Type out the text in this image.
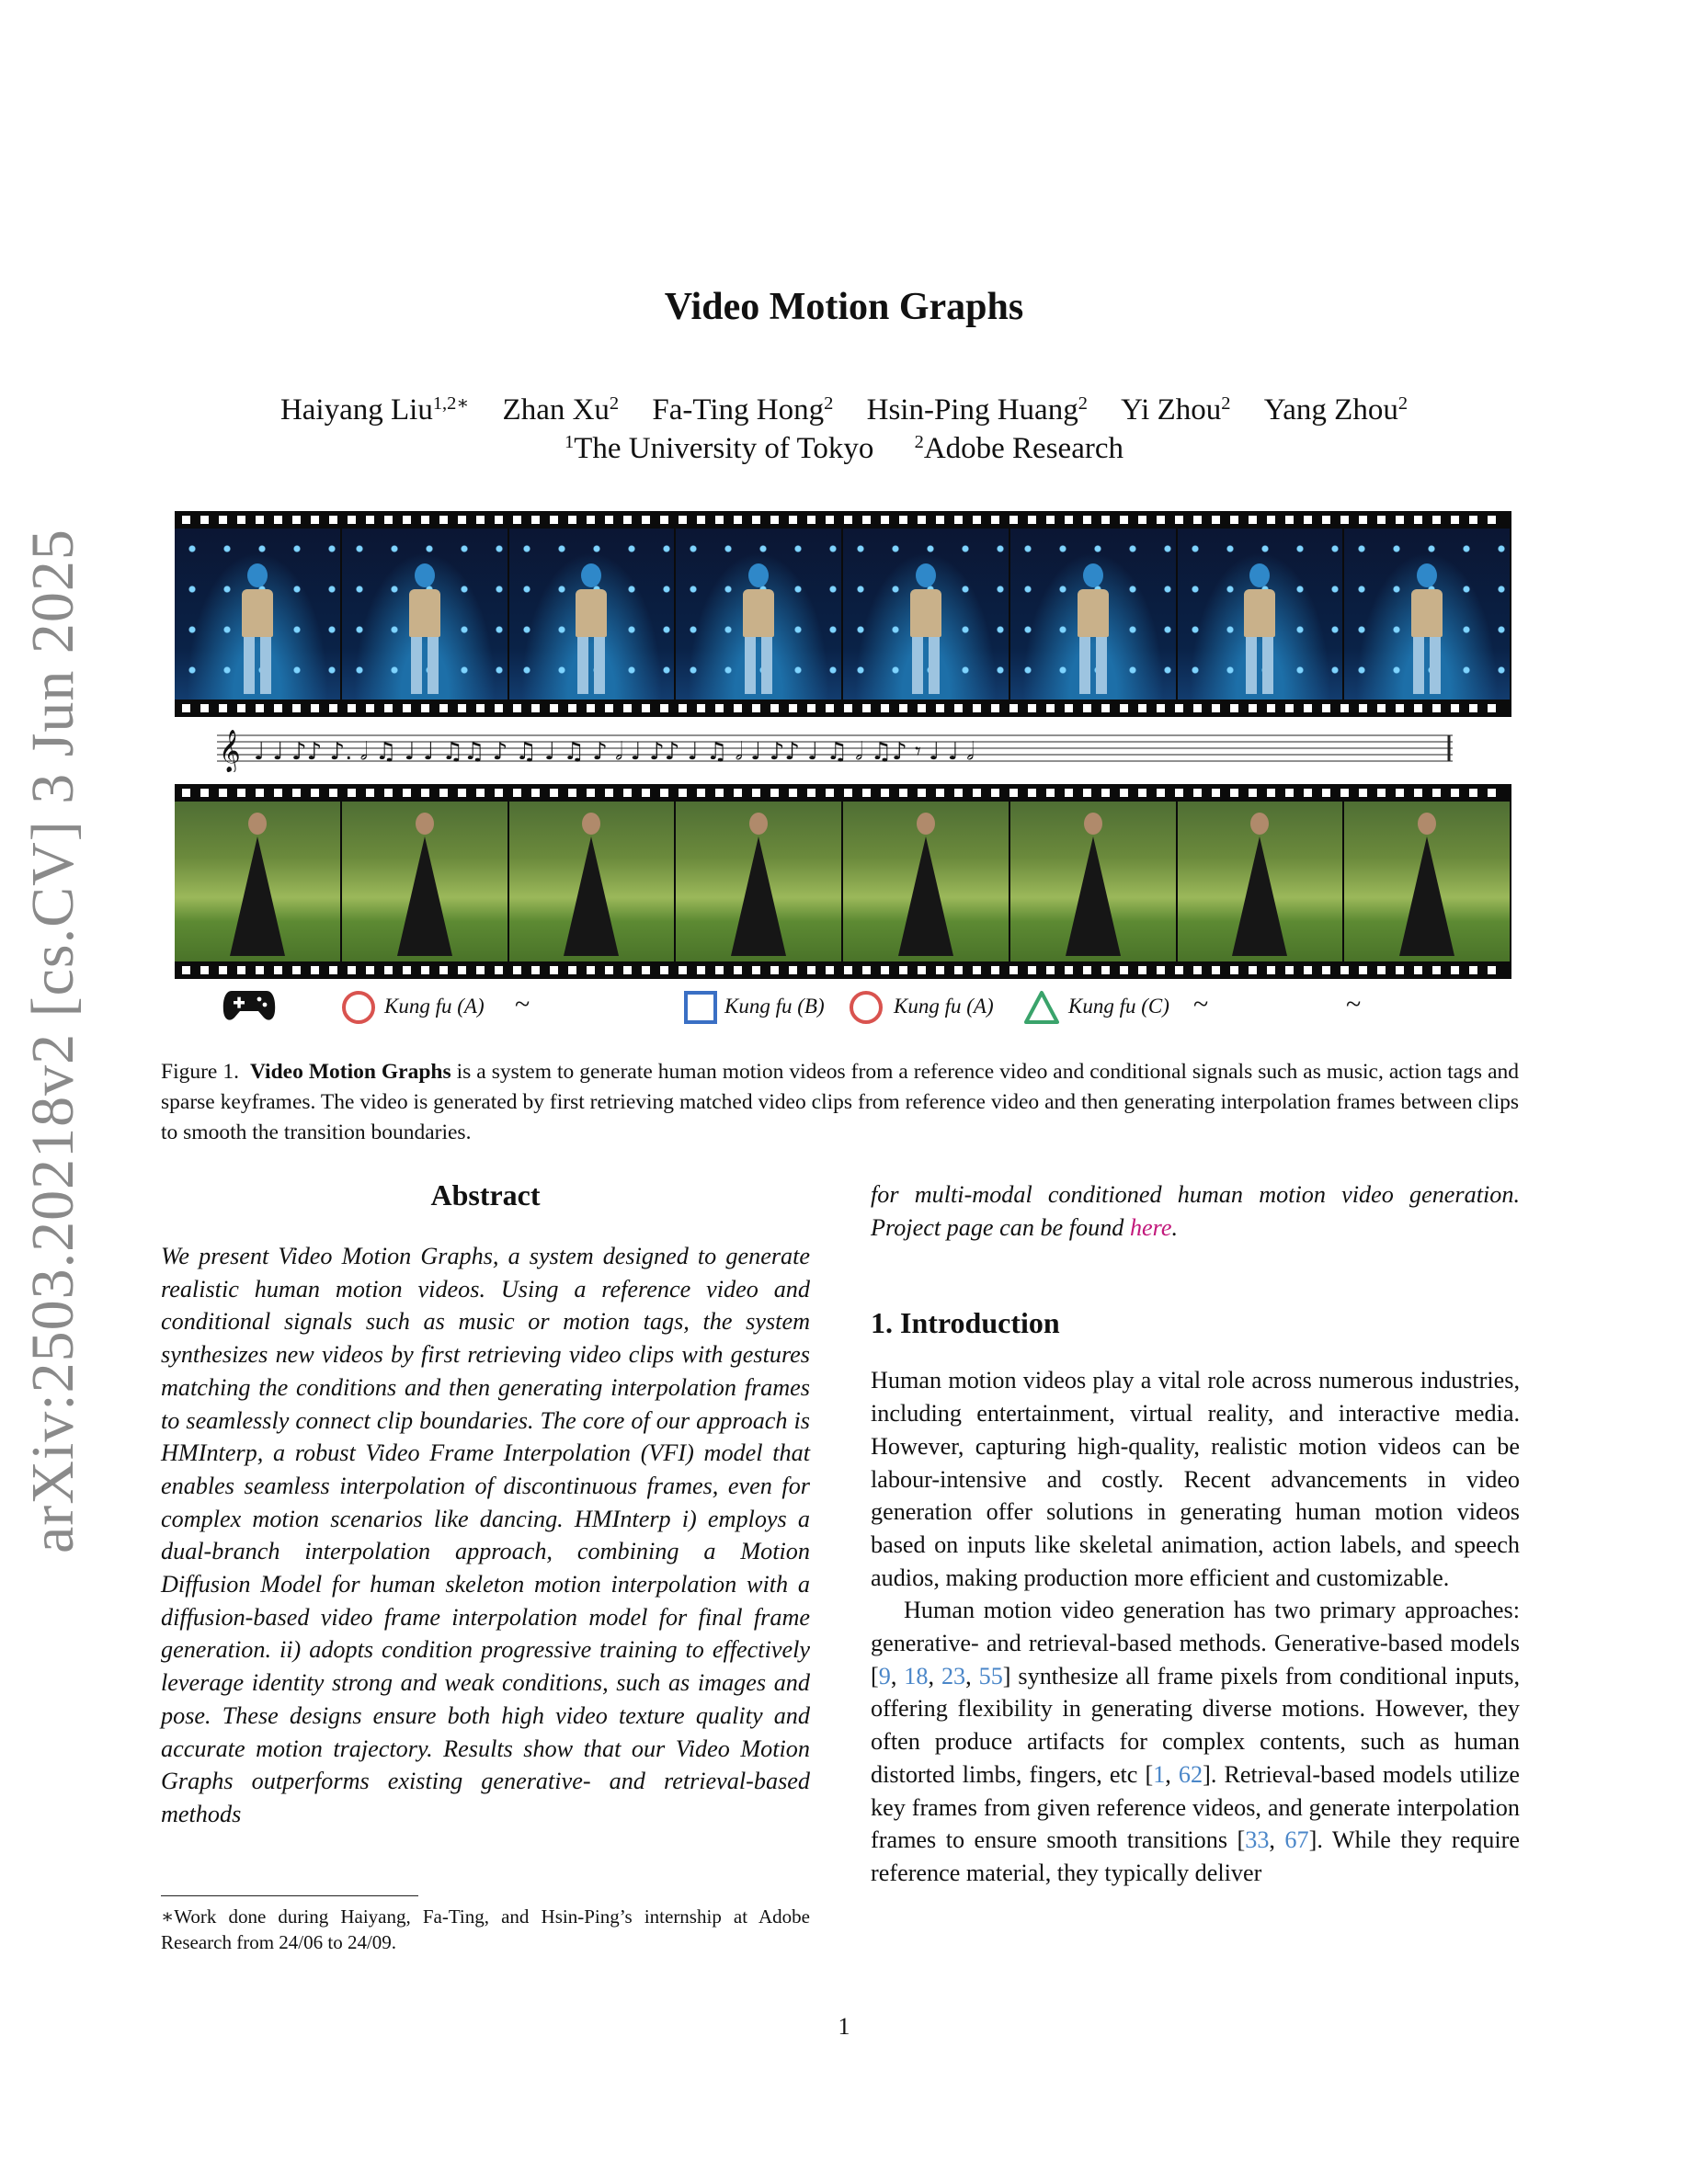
arXiv:2503.20218v2 [cs.CV] 3 Jun 2025
Video Motion Graphs
Haiyang Liu$^{1,2∗}$ Zhan Xu$^2$ Fa-Ting Hong$^2$ Hsin-Ping Huang$^2$ Yi Zhou$^2$ Yang Zhou$^2$
$^1$The University of Tokyo $^2$Adobe Research
𝄞 ♩ ♩ ♪♪ ♪. 𝅗𝅥 ♫ ♩ ♩ ♫♫ ♪ ♫ ♩ ♫ ♪ 𝅗𝅥 ♩ ♪♪ ♩ ♫ 𝅗𝅥 ♩ ♪♪ ♩ ♫ 𝅗𝅥 ♫♪ 𝄾 ♩ ♩ 𝅗𝅥
Kung fu (A) ~	Kung fu (B)	Kung fu (A)	Kung fu (C) ~	~
Figure 1. Video Motion Graphs is a system to generate human motion videos from a reference video and conditional signals such as music, action tags and sparse keyframes. The video is generated by first retrieving matched video clips from reference video and then generating interpolation frames between clips to smooth the transition boundaries.
Abstract
We present Video Motion Graphs, a system designed to generate realistic human motion videos. Using a reference video and conditional signals such as music or motion tags, the system synthesizes new videos by first retrieving video clips with gestures matching the conditions and then generating interpolation frames to seamlessly connect clip boundaries. The core of our approach is HMInterp, a robust Video Frame Interpolation (VFI) model that enables seamless interpolation of discontinuous frames, even for complex motion scenarios like dancing. HMInterp i) employs a dual-branch interpolation approach, combining a Motion Diffusion Model for human skeleton motion interpolation with a diffusion-based video frame interpolation model for final frame generation. ii) adopts condition progressive training to effectively leverage identity strong and weak conditions, such as images and pose. These designs ensure both high video texture quality and accurate motion trajectory. Results show that our Video Motion Graphs outperforms existing generative- and retrieval-based methods
for multi-modal conditioned human motion video generation. Project page can be found here.
1. Introduction

Human motion videos play a vital role across numerous industries, including entertainment, virtual reality, and interactive media. However, capturing high-quality, realistic motion videos can be labour-intensive and costly. Recent advancements in video generation offer solutions in generating human motion videos based on inputs like skeletal animation, action labels, and speech audios, making production more efficient and customizable.

Human motion video generation has two primary approaches: generative- and retrieval-based methods. Generative-based models [9, 18, 23, 55] synthesize all frame pixels from conditional inputs, offering flexibility in generating diverse motions. However, they often produce artifacts for complex contents, such as human distorted limbs, fingers, etc [1, 62]. Retrieval-based models utilize key frames from given reference videos, and generate interpolation frames to ensure smooth transitions [33, 67]. While they require reference material, they typically deliver

∗Work done during Haiyang, Fa-Ting, and Hsin-Ping’s internship at Adobe Research from 24/06 to 24/09.
1
